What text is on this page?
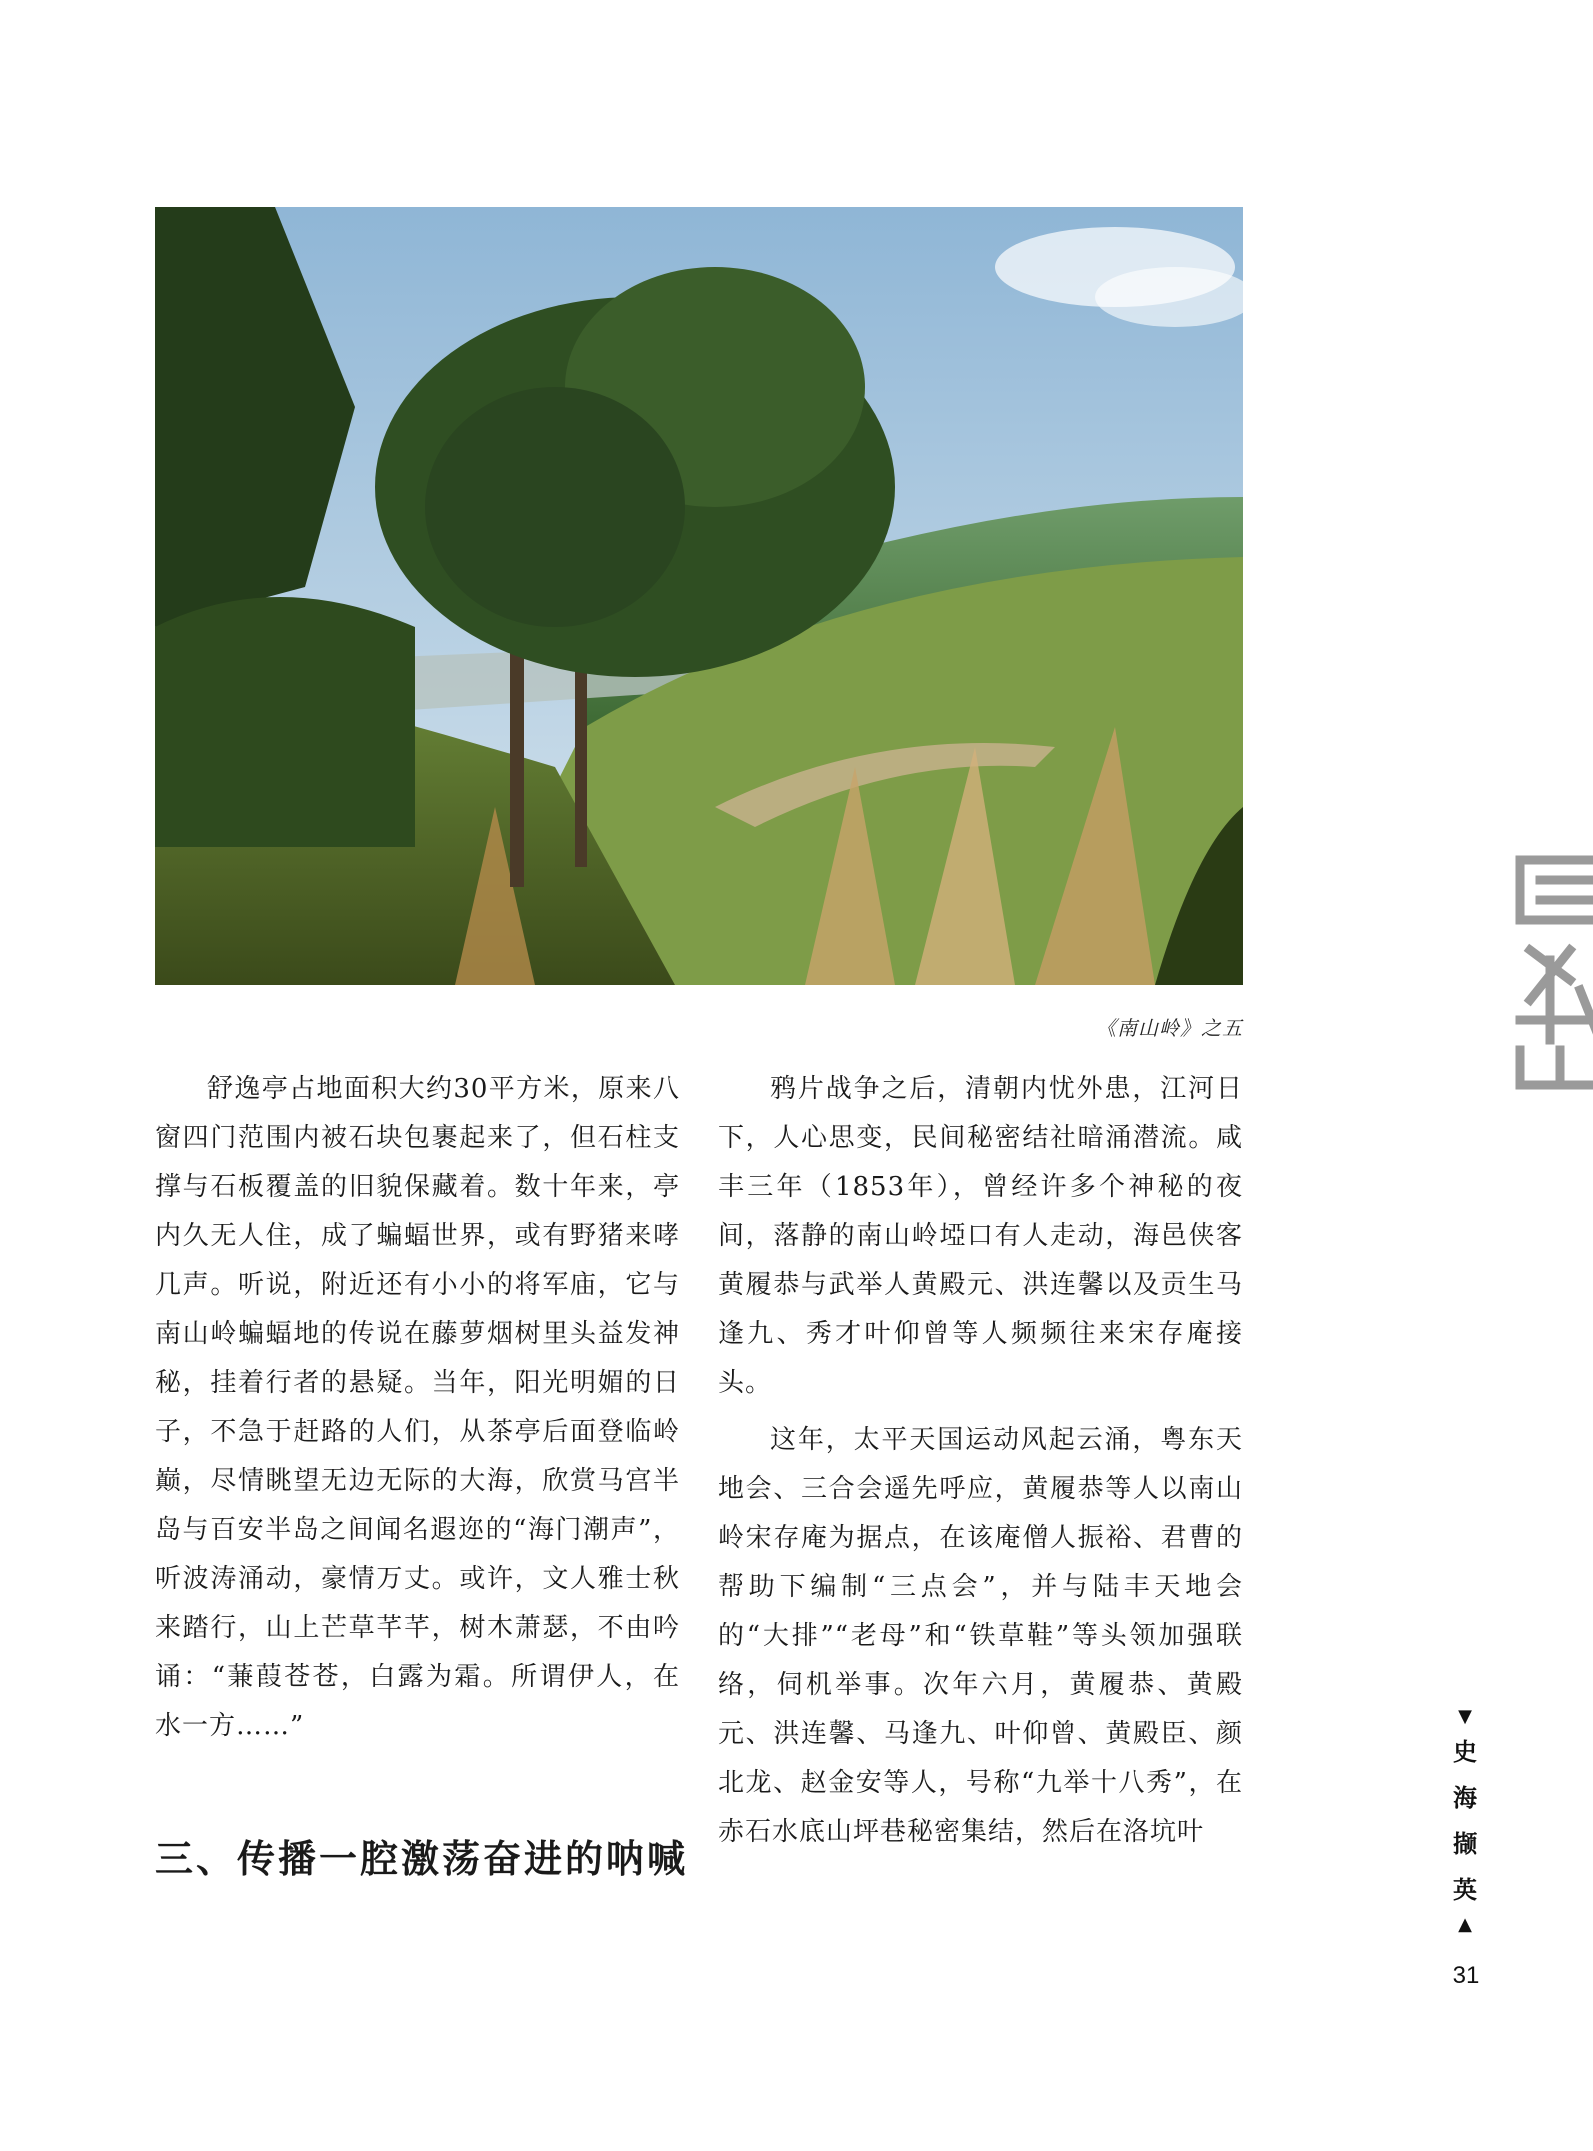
《南山岭》之五

舒逸亭占地面积大约30平方米，原来八窗四门范围内被石块包裹起来了，但石柱支撑与石板覆盖的旧貌保藏着。数十年来，亭内久无人住，成了蝙蝠世界，或有野猪来哮几声。听说，附近还有小小的将军庙，它与南山岭蝙蝠地的传说在藤萝烟树里头益发神秘，挂着行者的悬疑。当年，阳光明媚的日子，不急于赶路的人们，从茶亭后面登临岭巅，尽情眺望无边无际的大海，欣赏马宫半岛与百安半岛之间闻名遐迩的“海门潮声”，听波涛涌动，豪情万丈。或许，文人雅士秋来踏行，山上芒草芊芊，树木萧瑟，不由吟诵：“蒹葭苍苍，白露为霜。所谓伊人，在水一方……”

三、传播一腔激荡奋进的呐喊

鸦片战争之后，清朝内忧外患，江河日下，人心思变，民间秘密结社暗涌潜流。咸丰三年（1853年），曾经许多个神秘的夜间，落静的南山岭埡口有人走动，海邑侠客黄履恭与武举人黄殿元、洪连馨以及贡生马逢九、秀才叶仰曾等人频频往来宋存庵接头。

这年，太平天国运动风起云涌，粤东天地会、三合会遥先呼应，黄履恭等人以南山岭宋存庵为据点，在该庵僧人振裕、君曹的帮助下编制“三点会”，并与陆丰天地会的“大排”“老母”和“铁草鞋”等头领加强联络，伺机举事。次年六月，黄履恭、黄殿元、洪连馨、马逢九、叶仰曾、黄殿臣、颜北龙、赵金安等人，号称“九举十八秀”，在赤石水底山坪巷秘密集结，然后在洛坑叶

▼
史
海
撷
英
▲
31
